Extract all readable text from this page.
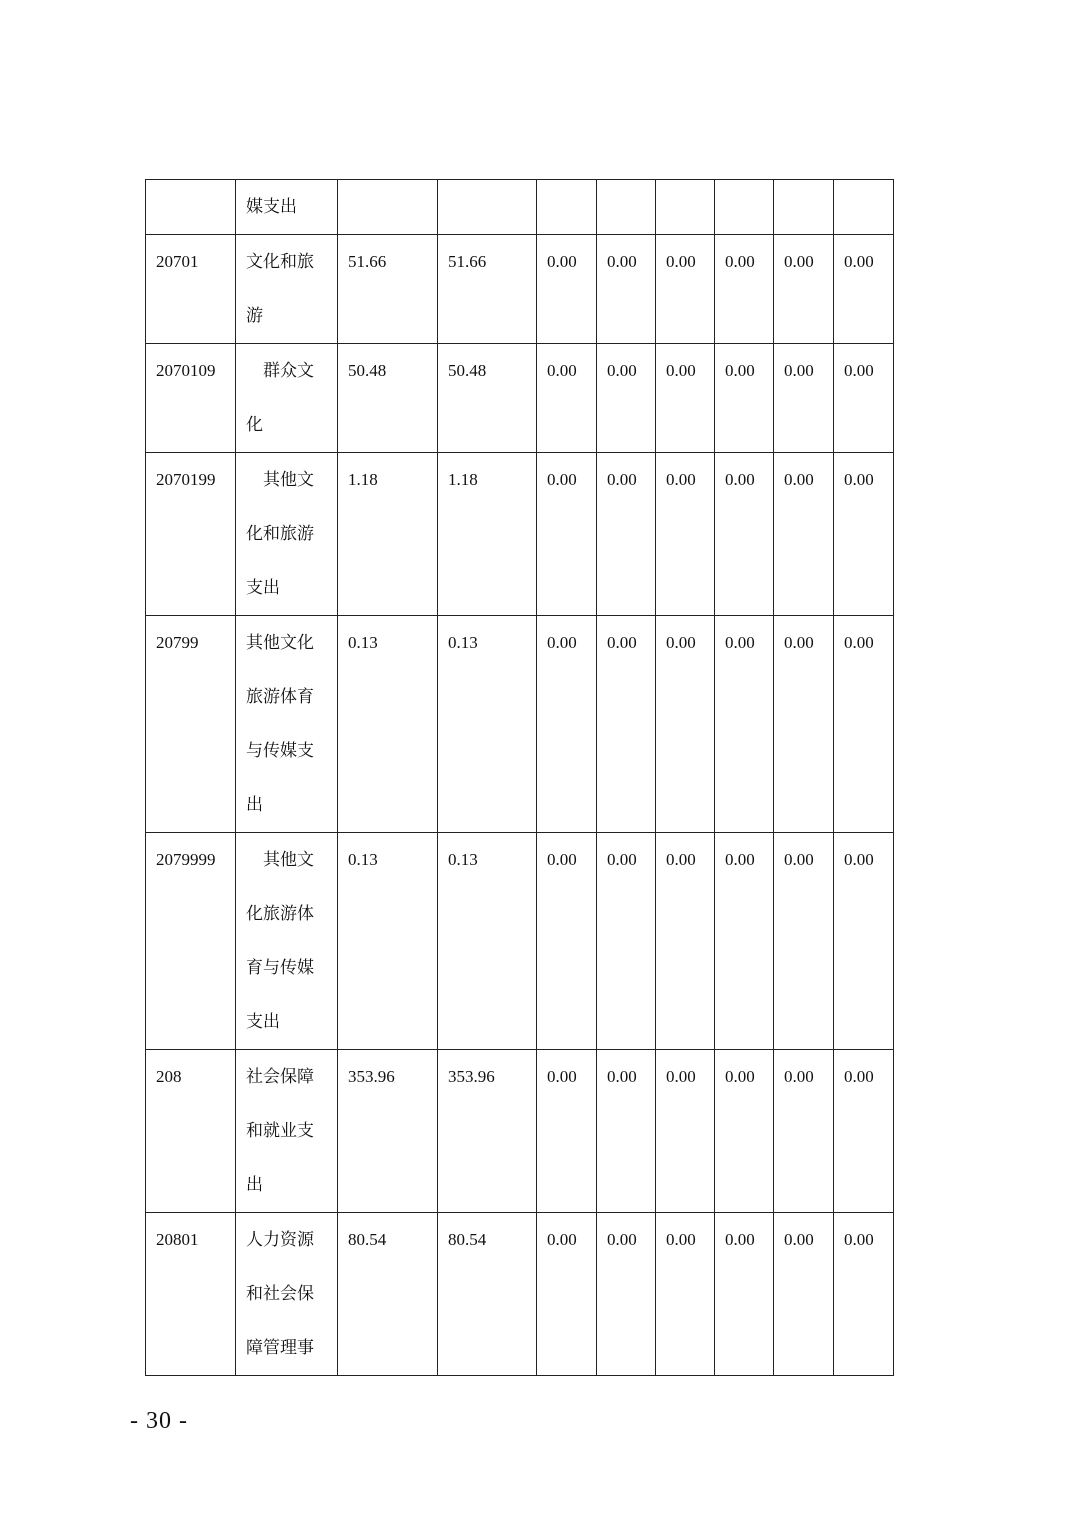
	媒支出								

20701	文化和旅游	51.66	51.66	0.00	0.00	0.00	0.00	0.00	0.00

2070109	群众文化	50.48	50.48	0.00	0.00	0.00	0.00	0.00	0.00

2070199	其他文化和旅游支出	1.18	1.18	0.00	0.00	0.00	0.00	0.00	0.00

20799	其他文化旅游体育与传媒支出	0.13	0.13	0.00	0.00	0.00	0.00	0.00	0.00

2079999	其他文化旅游体育与传媒支出	0.13	0.13	0.00	0.00	0.00	0.00	0.00	0.00

208	社会保障和就业支出	353.96	353.96	0.00	0.00	0.00	0.00	0.00	0.00

20801	人力资源和社会保障管理事	80.54	80.54	0.00	0.00	0.00	0.00	0.00	0.00
- 30 -
